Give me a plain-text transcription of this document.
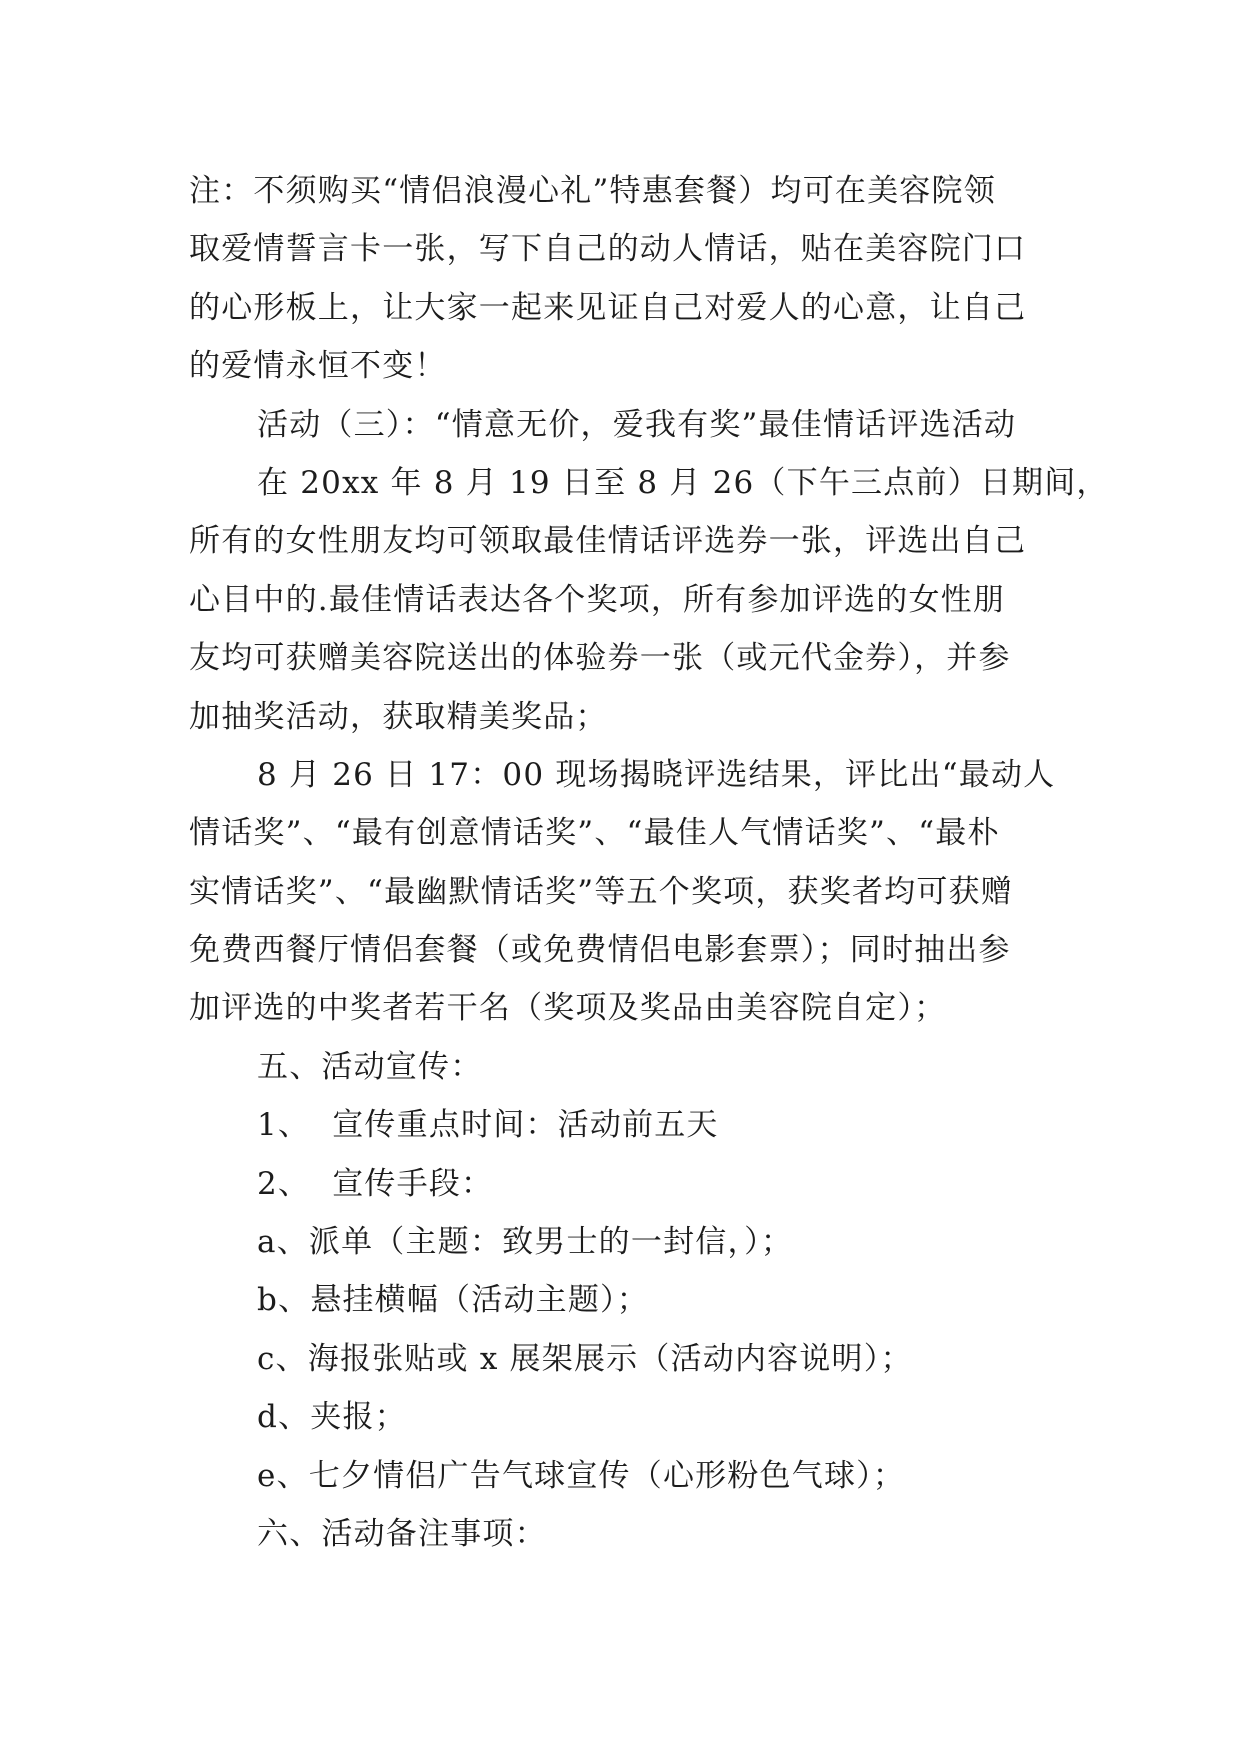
注：不须购买“情侣浪漫心礼”特惠套餐）均可在美容院领
取爱情誓言卡一张，写下自己的动人情话，贴在美容院门口
的心形板上，让大家一起来见证自己对爱人的心意，让自己
的爱情永恒不变！
活动（三）：“情意无价，爱我有奖”最佳情话评选活动
在 20xx 年 8 月 19 日至 8 月 26（下午三点前）日期间，
所有的女性朋友均可领取最佳情话评选券一张，评选出自己
心目中的.最佳情话表达各个奖项，所有参加评选的女性朋
友均可获赠美容院送出的体验券一张（或元代金券），并参
加抽奖活动，获取精美奖品；
8 月 26 日 17：00 现场揭晓评选结果，评比出“最动人
情话奖”、“最有创意情话奖”、“最佳人气情话奖”、“最朴
实情话奖”、“最幽默情话奖”等五个奖项，获奖者均可获赠
免费西餐厅情侣套餐（或免费情侣电影套票）；同时抽出参
加评选的中奖者若干名（奖项及奖品由美容院自定）；
五、活动宣传：
1、  宣传重点时间：活动前五天
2、  宣传手段：
a、派单（主题：致男士的一封信，）；
b、悬挂横幅（活动主题）；
c、海报张贴或 x 展架展示（活动内容说明）；
d、夹报；
e、七夕情侣广告气球宣传（心形粉色气球）；
六、活动备注事项：
